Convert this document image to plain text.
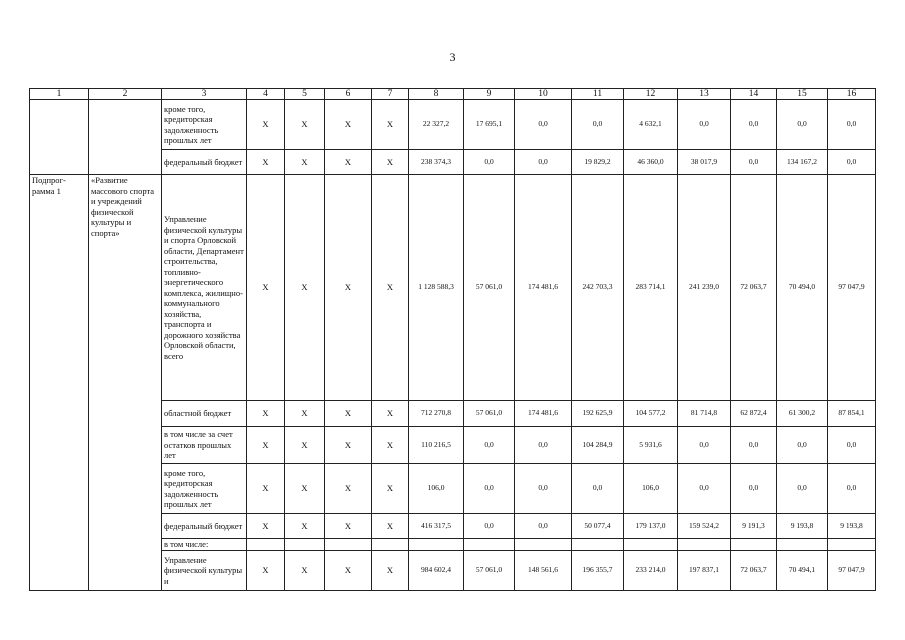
3
1	2	3	4	5	6	7	8	9	10	11	12	13	14	15	16
		кроме того, кредиторская задолженность прошлых лет	Х	Х	Х	Х	22 327,2	17 695,1	0,0	0,0	4 632,1	0,0	0,0	0,0	0,0
		федеральный бюджет	Х	Х	Х	Х	238 374,3	0,0	0,0	19 829,2	46 360,0	38 017,9	0,0	134 167,2	0,0
Подпрог-
рамма 1	«Развитие массового спорта и учреждений физической культуры и спорта»	Управление физической культуры и спорта Орловской области, Департамент строительства, топливно-энергетического комплекса, жилищно-коммунального хозяйства, транспорта и дорожного хозяйства Орловской области, всего	Х	Х	Х	Х	1 128 588,3	57 061,0	174 481,6	242 703,3	283 714,1	241 239,0	72 063,7	70 494,0	97 047,9
		областной бюджет	Х	Х	Х	Х	712 270,8	57 061,0	174 481,6	192 625,9	104 577,2	81 714,8	62 872,4	61 300,2	87 854,1
		в том числе за счет остатков прошлых лет	Х	Х	Х	Х	110 216,5	0,0	0,0	104 284,9	5 931,6	0,0	0,0	0,0	0,0
		кроме того, кредиторская задолженность прошлых лет	Х	Х	Х	Х	106,0	0,0	0,0	0,0	106,0	0,0	0,0	0,0	0,0
		федеральный бюджет	Х	Х	Х	Х	416 317,5	0,0	0,0	50 077,4	179 137,0	159 524,2	9 191,3	9 193,8	9 193,8
		в том числе:													
		Управление физической культуры и	Х	Х	Х	Х	984 602,4	57 061,0	148 561,6	196 355,7	233 214,0	197 837,1	72 063,7	70 494,1	97 047,9
